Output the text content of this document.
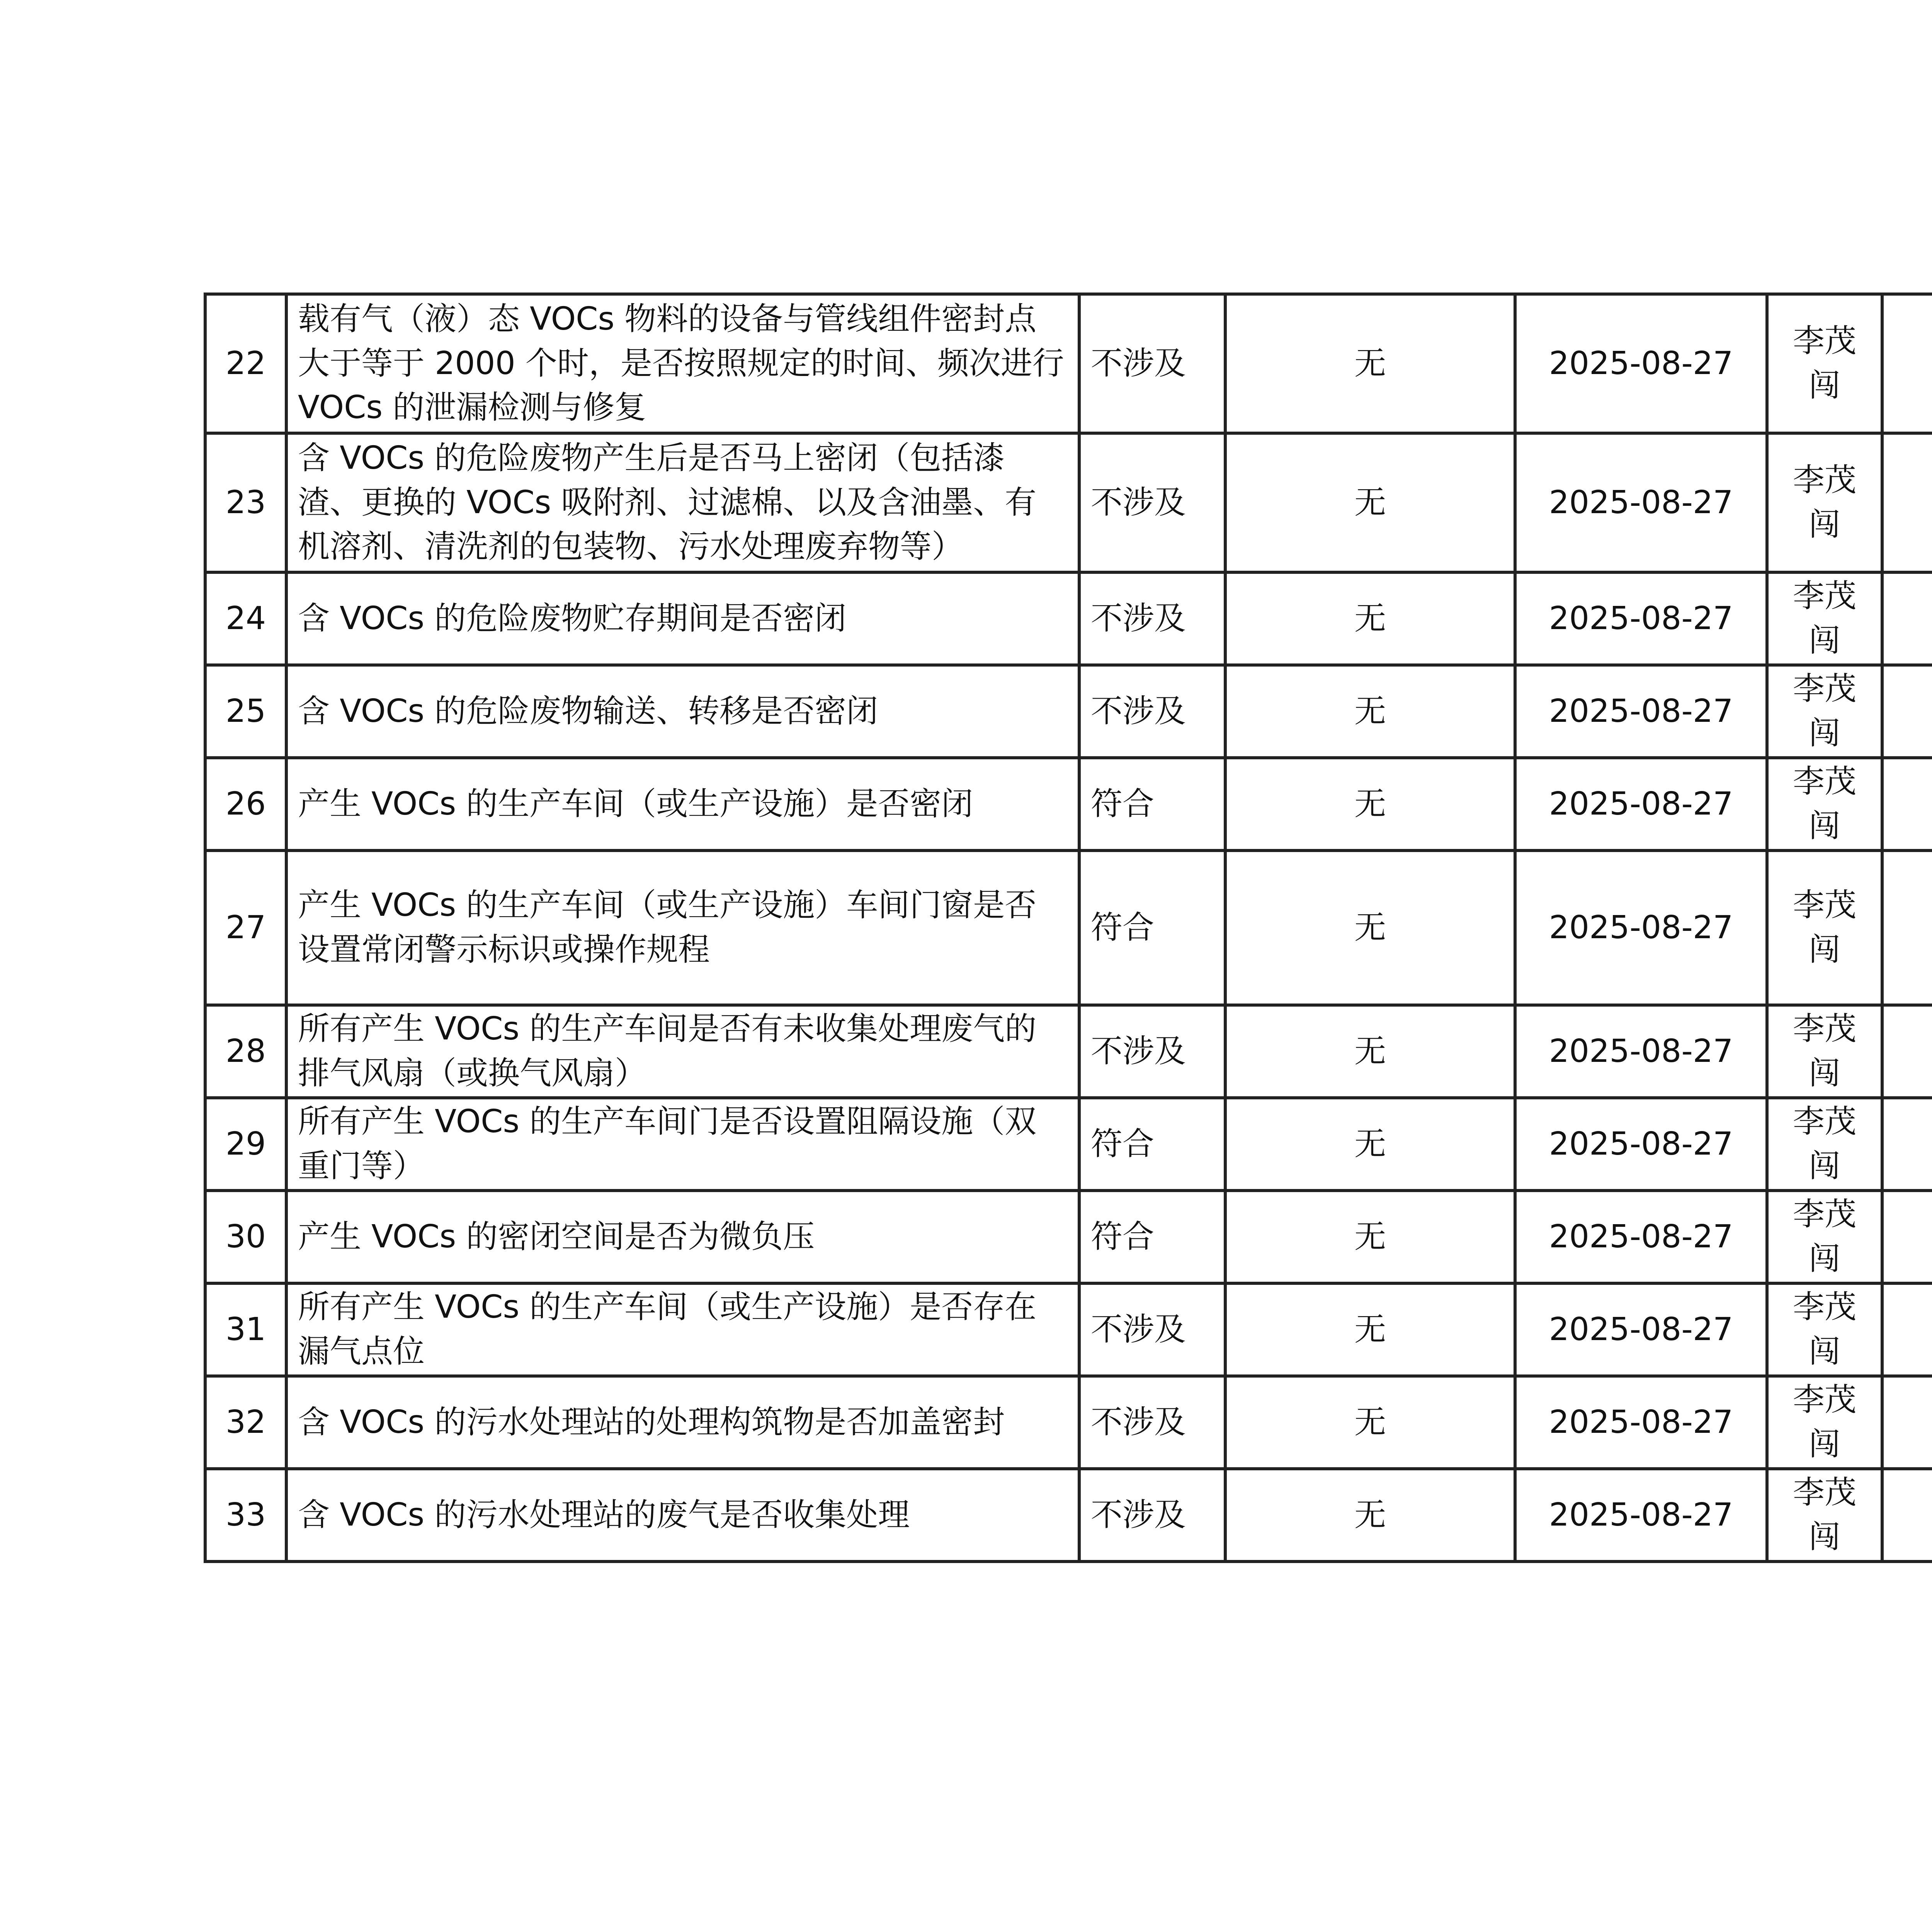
22	载有气（液）态 VOCs 物料的设备与管线组件密封点大于等于 2000 个时，是否按照规定的时间、频次进行 VOCs 的泄漏检测与修复	不涉及	无	2025-08-27	李茂闯				
23	含 VOCs 的危险废物产生后是否马上密闭（包括漆渣、更换的 VOCs 吸附剂、过滤棉、以及含油墨、有机溶剂、清洗剂的包装物、污水处理废弃物等）	不涉及	无	2025-08-27	李茂闯				
24	含 VOCs 的危险废物贮存期间是否密闭	不涉及	无	2025-08-27	李茂闯				
25	含 VOCs 的危险废物输送、转移是否密闭	不涉及	无	2025-08-27	李茂闯				
26	产生 VOCs 的生产车间（或生产设施）是否密闭	符合	无	2025-08-27	李茂闯				
27	产生 VOCs 的生产车间（或生产设施）车间门窗是否设置常闭警示标识或操作规程	符合	无	2025-08-27	李茂闯				
28	所有产生 VOCs 的生产车间是否有未收集处理废气的排气风扇（或换气风扇）	不涉及	无	2025-08-27	李茂闯				
29	所有产生 VOCs 的生产车间门是否设置阻隔设施（双重门等）	符合	无	2025-08-27	李茂闯				
30	产生 VOCs 的密闭空间是否为微负压	符合	无	2025-08-27	李茂闯				
31	所有产生 VOCs 的生产车间（或生产设施）是否存在漏气点位	不涉及	无	2025-08-27	李茂闯				
32	含 VOCs 的污水处理站的处理构筑物是否加盖密封	不涉及	无	2025-08-27	李茂闯				
33	含 VOCs 的污水处理站的废气是否收集处理	不涉及	无	2025-08-27	李茂闯				
